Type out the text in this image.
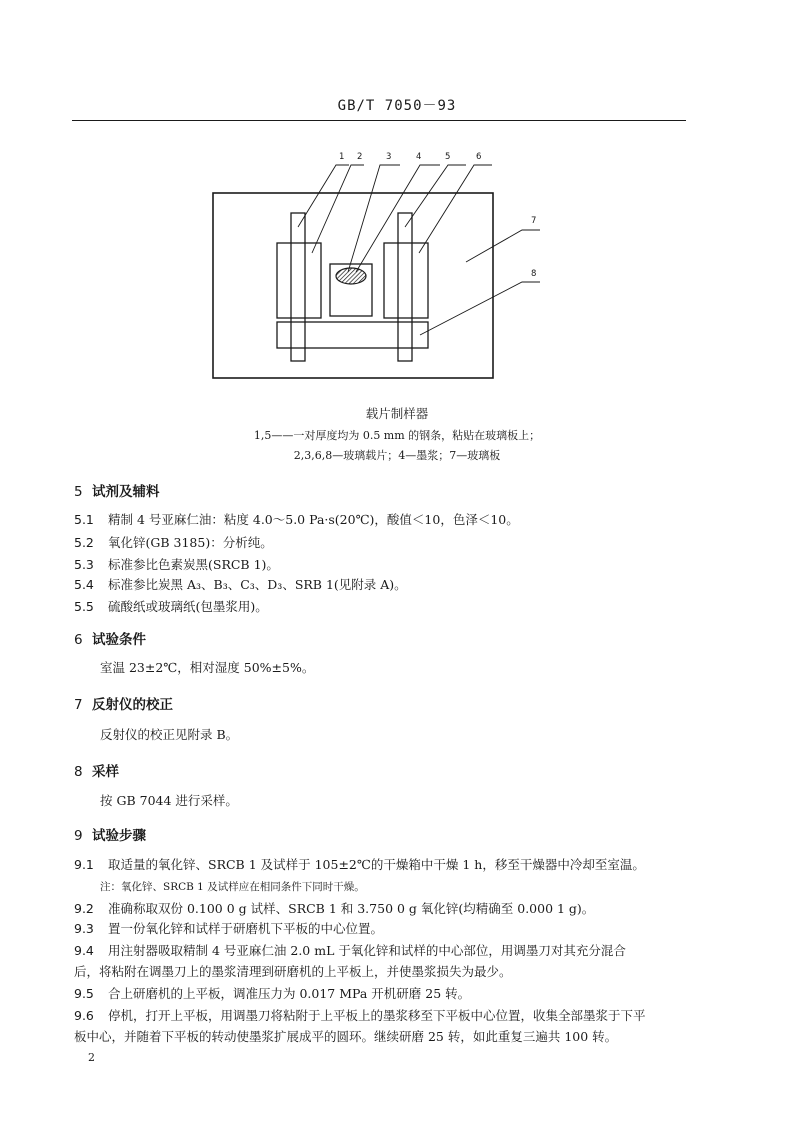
GB/T 7050－93
1 2	3	4	5	6
7
8
载片制样器
1,5——一对厚度均为 0.5 mm 的钢条，粘贴在玻璃板上；
2,3,6,8—玻璃载片；4—墨浆；7—玻璃板
5 试剂及辅料
5.1 精制 4 号亚麻仁油：粘度 4.0～5.0 Pa·s(20℃)，酸值＜10，色泽＜10。
5.2 氧化锌(GB 3185)：分析纯。
5.3 标准参比色素炭黑(SRCB 1)。
5.4 标准参比炭黑 A₃、B₃、C₃、D₃、SRB 1(见附录 A)。
5.5 硫酸纸或玻璃纸(包墨浆用)。
6 试验条件
室温 23±2℃，相对湿度 50%±5%。
7 反射仪的校正
反射仪的校正见附录 B。
8 采样
按 GB 7044 进行采样。
9 试验步骤
9.1 取适量的氧化锌、SRCB 1 及试样于 105±2℃的干燥箱中干燥 1 h，移至干燥器中冷却至室温。
注：氧化锌、SRCB 1 及试样应在相同条件下同时干燥。
9.2 准确称取双份 0.100 0 g 试样、SRCB 1 和 3.750 0 g 氧化锌(均精确至 0.000 1 g)。
9.3 置一份氧化锌和试样于研磨机下平板的中心位置。
9.4 用注射器吸取精制 4 号亚麻仁油 2.0 mL 于氧化锌和试样的中心部位，用调墨刀对其充分混合
后，将粘附在调墨刀上的墨浆清理到研磨机的上平板上，并使墨浆损失为最少。
9.5 合上研磨机的上平板，调准压力为 0.017 MPa 开机研磨 25 转。
9.6 停机，打开上平板，用调墨刀将粘附于上平板上的墨浆移至下平板中心位置，收集全部墨浆于下平
板中心，并随着下平板的转动使墨浆扩展成平的圆环。继续研磨 25 转，如此重复三遍共 100 转。
2
